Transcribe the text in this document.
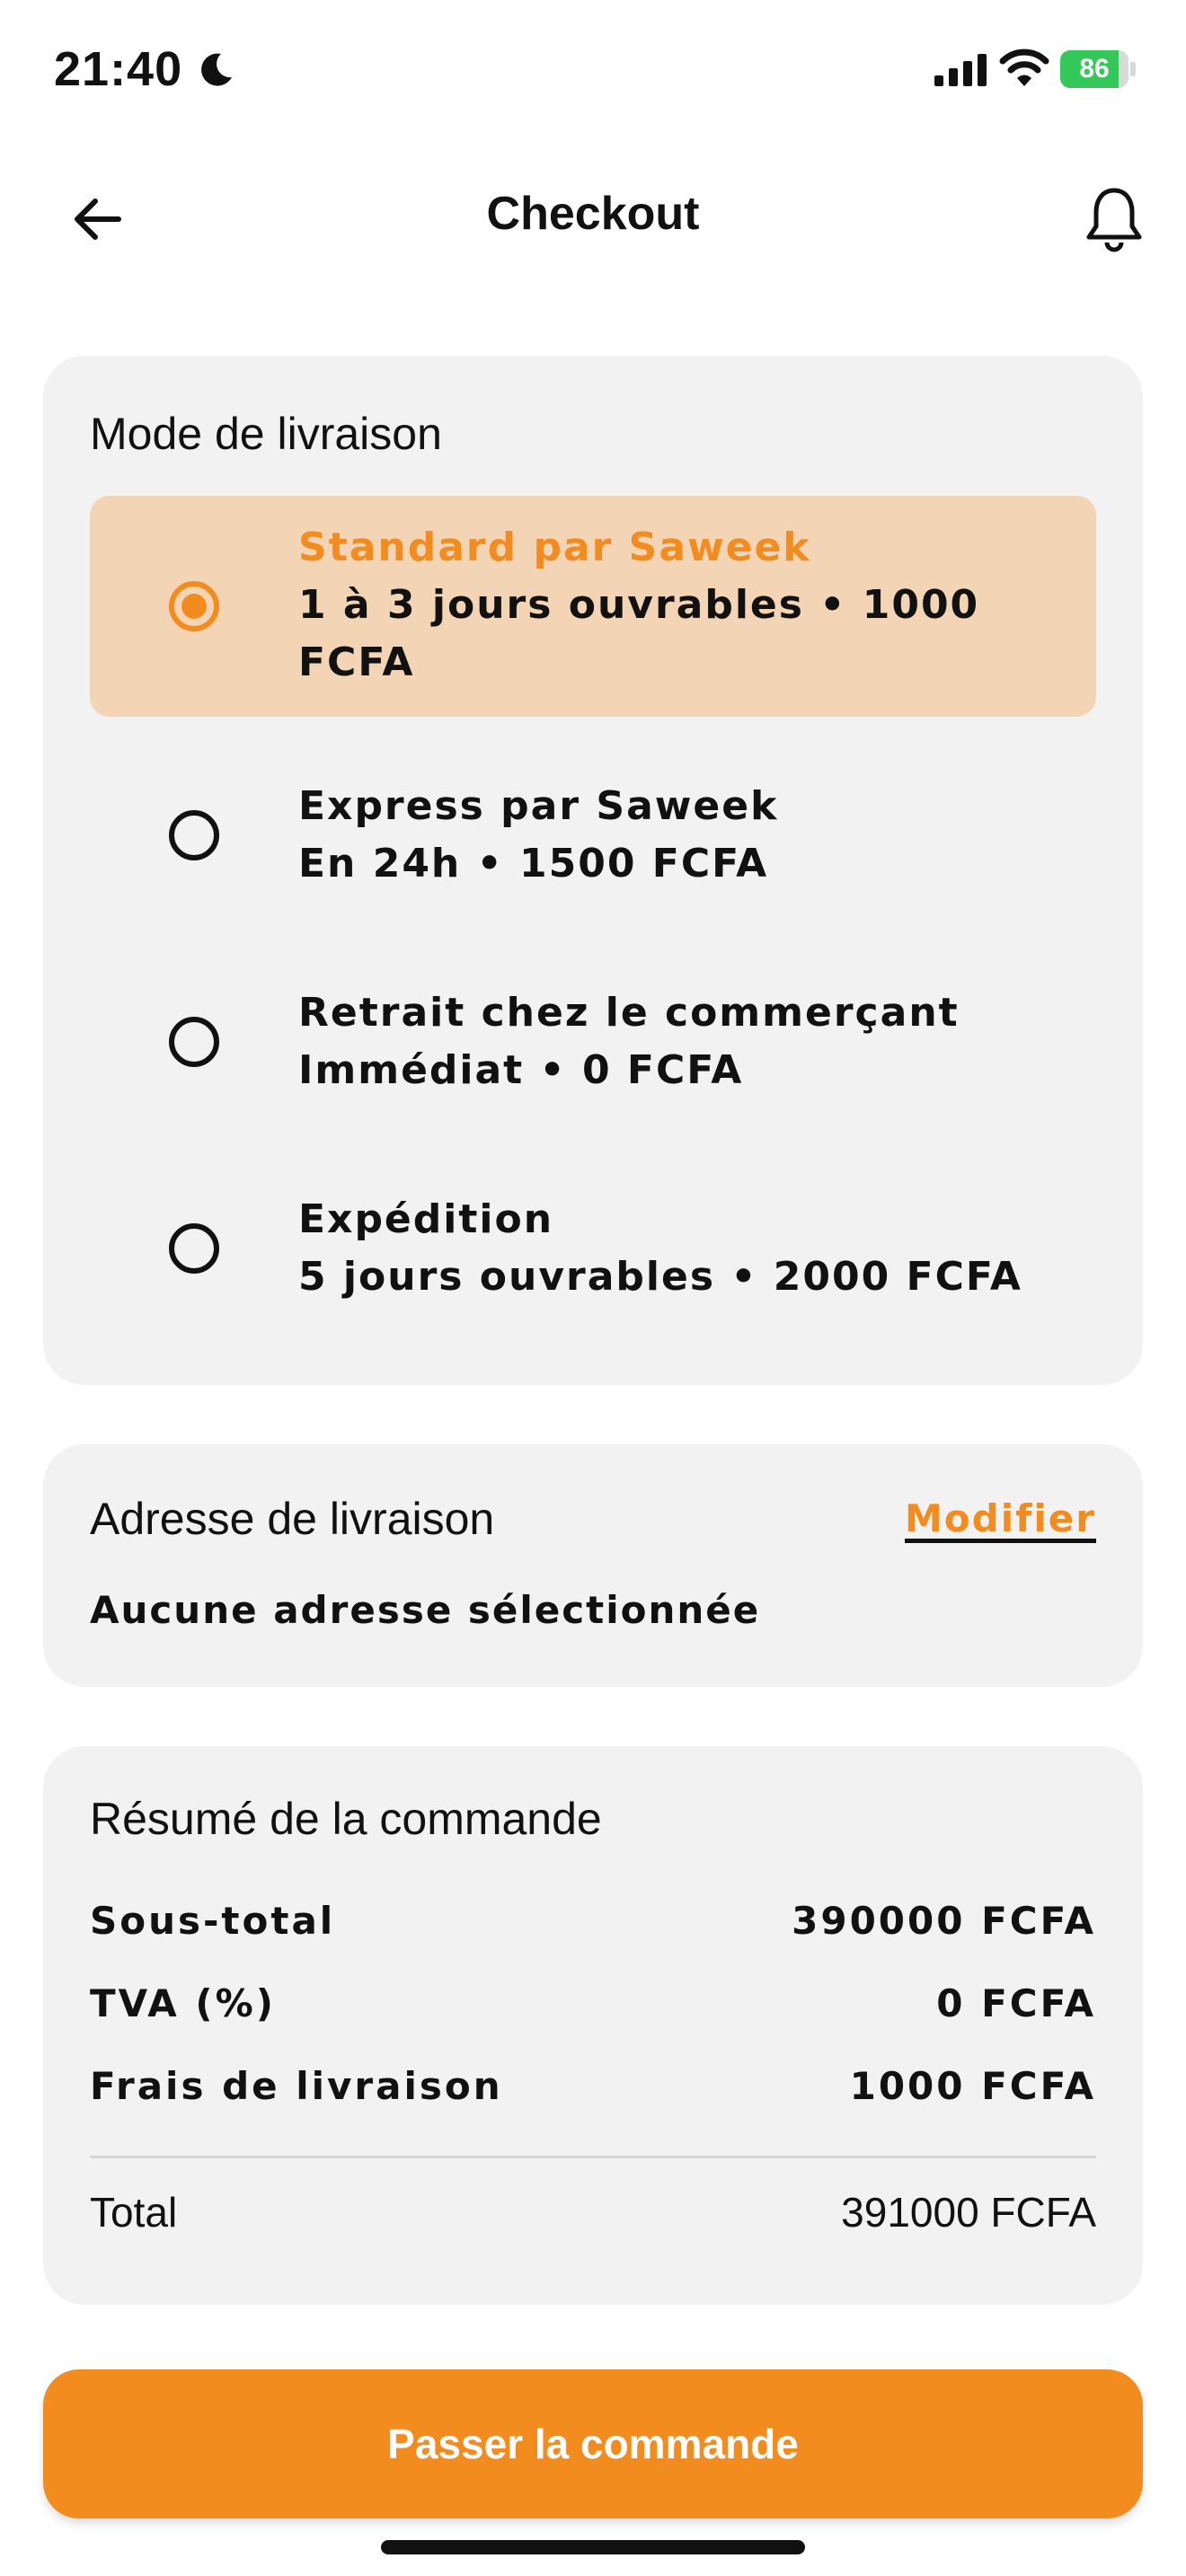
21:40	86
Checkout
Mode de livraison
Standard par Saweek
1 à 3 jours ouvrables • 1000 FCFA
Express par Saweek
En 24h • 1500 FCFA
Retrait chez le commerçant
Immédiat • 0 FCFA
Expédition
5 jours ouvrables • 2000 FCFA
Adresse de livraison	Modifier
Aucune adresse sélectionnée
Résumé de la commande
Sous-total	390000 FCFA
TVA (%)	0 FCFA
Frais de livraison	1000 FCFA
Total	391000 FCFA
Passer la commande
